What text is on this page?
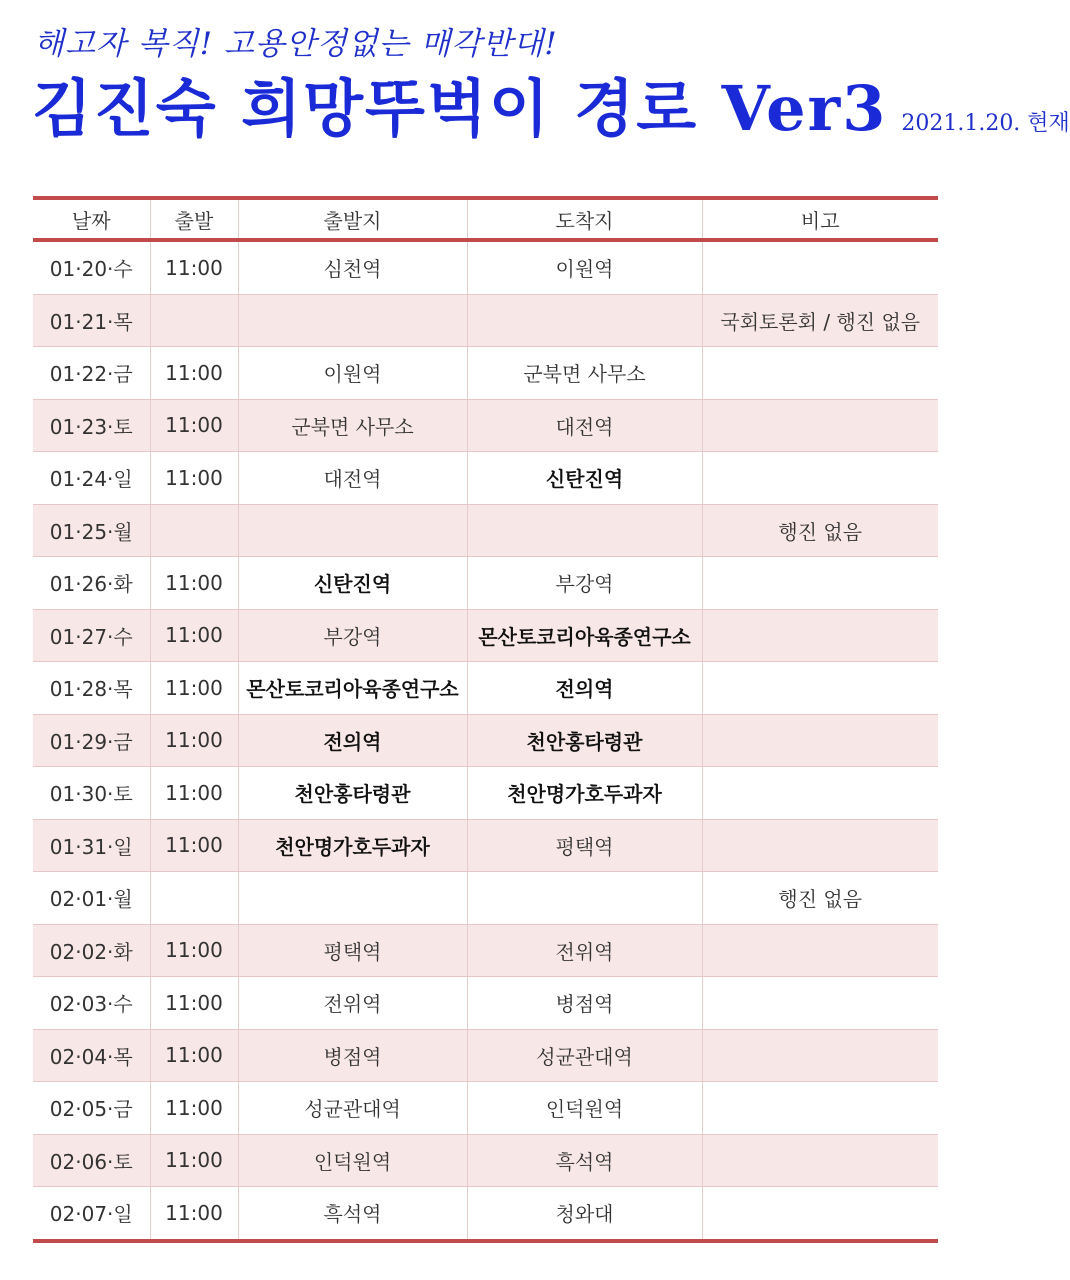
해고자 복직! 고용안정없는 매각반대!
김진숙 희망뚜벅이 경로 Ver3 2021.1.20. 현재
날짜	출발	출발지	도착지	비고
01·20·수	11:00	심천역	이원역	
01·21·목				국회토론회 / 행진 없음
01·22·금	11:00	이원역	군북면 사무소	
01·23·토	11:00	군북면 사무소	대전역	
01·24·일	11:00	대전역	신탄진역	
01·25·월				행진 없음
01·26·화	11:00	신탄진역	부강역	
01·27·수	11:00	부강역	몬산토코리아육종연구소	
01·28·목	11:00	몬산토코리아육종연구소	전의역	
01·29·금	11:00	전의역	천안홍타령관	
01·30·토	11:00	천안홍타령관	천안명가호두과자	
01·31·일	11:00	천안명가호두과자	평택역	
02·01·월				행진 없음
02·02·화	11:00	평택역	전위역	
02·03·수	11:00	전위역	병점역	
02·04·목	11:00	병점역	성균관대역	
02·05·금	11:00	성균관대역	인덕원역	
02·06·토	11:00	인덕원역	흑석역	
02·07·일	11:00	흑석역	청와대	
